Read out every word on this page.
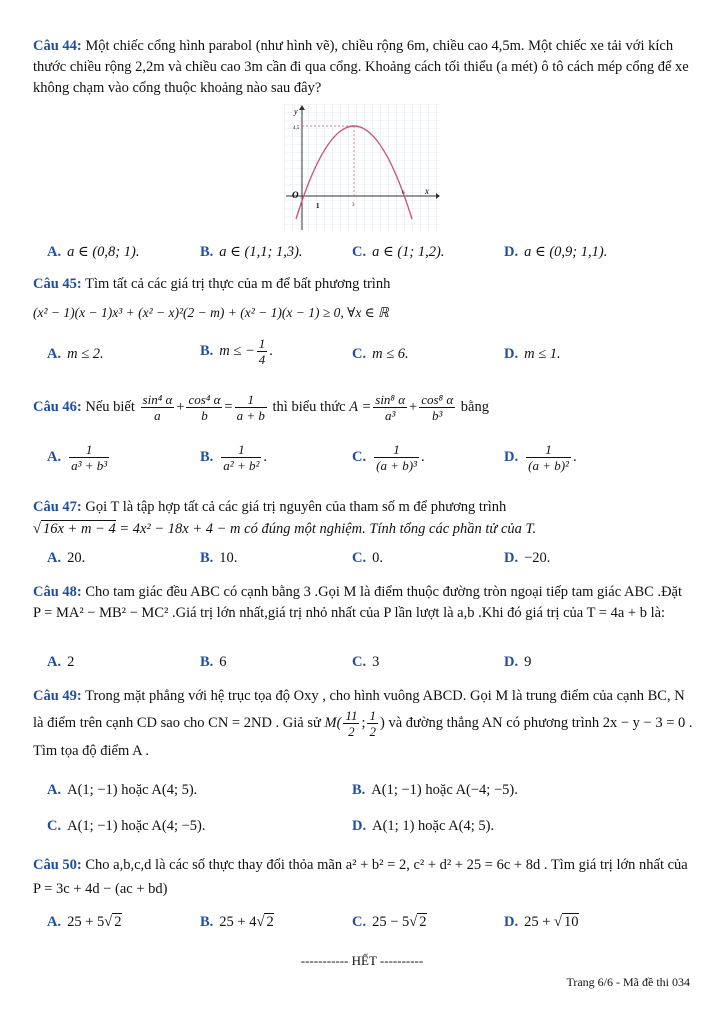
Câu 44: Một chiếc cổng hình parabol (như hình vẽ), chiều rộng 6m, chiều cao 4,5m. Một chiếc xe tải với kích thước chiều rộng 2,2m và chiều cao 3m cần đi qua cổng. Khoảng cách tối thiểu (a mét) ô tô cách mép cổng để xe không chạm vào cổng thuộc khoảng nào sau đây?
y
x
O
4,5
1	3
6
A. a ∈ (0,8; 1).	B. a ∈ (1,1; 1,3).	C. a ∈ (1; 1,2).	D. a ∈ (0,9; 1,1).
Câu 45: Tìm tất cả các giá trị thực của m để bất phương trình
(x² − 1)(x − 1)x³ + (x² − x)²(2 − m) + (x² − 1)(x − 1) ≥ 0, ∀x ∈ ℝ
A. m ≤ 2.	B. m ≤ − $\frac{1}{4}$ .	C. m ≤ 6.	D. m ≤ 1.
Câu 46: Nếu biết $\frac{\text{sin⁴ α}}{a} + \frac{\text{cos⁴ α}}{b} = \frac{1}{a + b}$ thì biểu thức $A = \frac{\text{sin⁸ α}}{\text{a³}} + \frac{\text{cos⁸ α}}{\text{b³}}$ bằng
A. $\frac{1}{\text{a³ + b³}}$	B. $\frac{1}{\text{a² + b²}}$ .	C. $\frac{1}{\text{(a + b)³}}$ .	D. $\frac{1}{\text{(a + b)²}}$ .
Câu 47: Gọi T là tập hợp tất cả các giá trị nguyên của tham số m để phương trình
√ 16x + m − 4 = 4x² − 18x + 4 − m có đúng một nghiệm. Tính tổng các phần tử của T.
A. 20.	B. 10.	C. 0.	D. −20.
Câu 48: Cho tam giác đều ABC có cạnh bằng 3 .Gọi M là điểm thuộc đường tròn ngoại tiếp tam giác ABC .Đặt P = MA² − MB² − MC² .Giá trị lớn nhất,giá trị nhỏ nhất của P lần lượt là a,b .Khi đó giá trị của T = 4a + b là:
A. 2	B. 6	C. 3	D. 9
Câu 49: Trong mặt phẳng với hệ trục tọa độ Oxy , cho hình vuông ABCD. Gọi M là trung điểm của cạnh BC, N là điểm trên cạnh CD sao cho CN = 2ND . Giả sử $M( \frac{11}{2}$ ; $\frac{1}{2}$ ) và đường thẳng AN có phương trình 2x − y − 3 = 0 . Tìm tọa độ điểm A .
A. A(1; −1) hoặc A(4; 5).	B. A(1; −1) hoặc A(−4; −5).
C. A(1; −1) hoặc A(4; −5).	D. A(1; 1) hoặc A(4; 5).
Câu 50: Cho a,b,c,d là các số thực thay đổi thỏa mãn a² + b² = 2, c² + d² + 25 = 6c + 8d . Tìm giá trị lớn nhất của P = 3c + 4d − (ac + bd)
A. 25 + 5√ 2	B. 25 + 4√ 2	C. 25 − 5√ 2	D. 25 + √ 10
----------- HẾT ----------
Trang 6/6 - Mã đề thi 034
